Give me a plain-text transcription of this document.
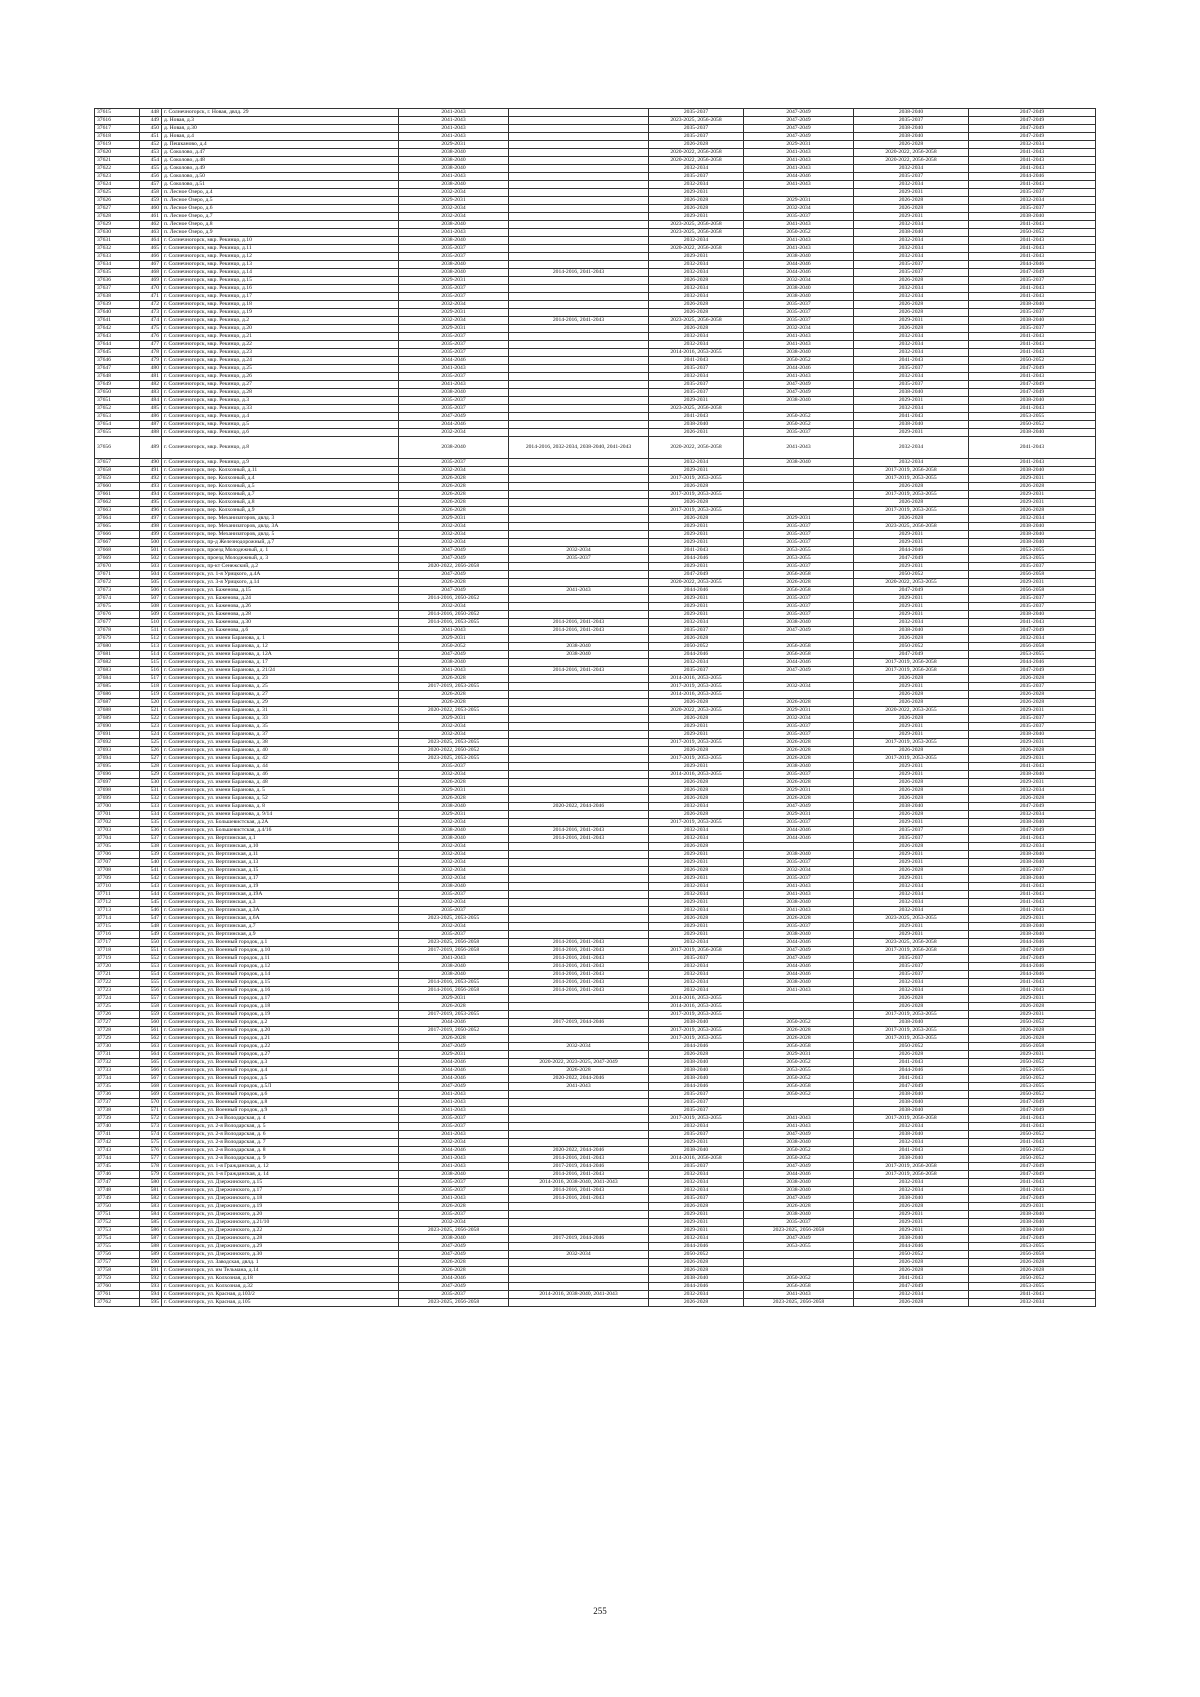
37615	448	г. Солнечногорск, г. Новая, двлд. 29	2041-2043		2035-2037	2047-2049	2038-2040	2047-2049
37616	449	д. Новая, д.3	2041-2043		2023-2025, 2056-2058	2047-2049	2035-2037	2047-2049
37617	450	д. Новая, д.30	2041-2043		2035-2037	2047-2049	2038-2040	2047-2049
37618	451	д. Новая, д.4	2041-2043		2035-2037	2047-2049	2038-2040	2047-2049
37619	452	д. Пешканово, д.4	2029-2031		2026-2028	2029-2031	2026-2028	2032-2034
37620	453	д. Соколово, д.47	2038-2040		2020-2022, 2056-2058	2041-2043	2020-2022, 2056-2058	2041-2043
37621	454	д. Соколово, д.48	2038-2040		2020-2022, 2056-2058	2041-2043	2020-2022, 2056-2058	2041-2043
37622	455	д. Соколово, д.49	2038-2040		2032-2034	2041-2043	2032-2034	2041-2043
37623	456	д. Соколово, д.50	2041-2043		2035-2037	2044-2046	2035-2037	2044-2046
37624	457	д. Соколово, д.51	2038-2040		2032-2034	2041-2043	2032-2034	2041-2043
37625	458	п. Лесное Озеро, д.4	2032-2034		2029-2031		2029-2031	2035-2037
37626	459	п. Лесное Озеро, д.5	2029-2031		2026-2028	2029-2031	2026-2028	2032-2034
37627	460	п. Лесное Озеро, д.6	2032-2034		2026-2028	2032-2034	2026-2028	2035-2037
37628	461	п. Лесное Озеро, д.7	2032-2034		2029-2031	2035-2037	2029-2031	2038-2040
37629	462	п. Лесное Озеро, д.8	2038-2040		2023-2025, 2056-2058	2041-2043	2032-2034	2041-2043
37630	463	п. Лесное Озеро, д.9	2041-2043		2023-2025, 2056-2058	2050-2052	2038-2040	2050-2052
37631	464	г. Солнечногорск, мкр. Рекинцо, д.10	2038-2040		2032-2034	2041-2043	2032-2034	2041-2043
37632	465	г. Солнечногорск, мкр. Рекинцо, д.11	2035-2037		2020-2022, 2056-2058	2041-2043	2032-2034	2041-2043
37633	466	г. Солнечногорск, мкр. Рекинцо, д.12	2035-2037		2029-2031	2038-2040	2032-2034	2041-2043
37634	467	г. Солнечногорск, мкр. Рекинцо, д.13	2038-2040		2032-2034	2044-2046	2035-2037	2044-2046
37635	468	г. Солнечногорск, мкр. Рекинцо, д.14	2038-2040	2014-2016, 2041-2043	2032-2034	2044-2046	2035-2037	2047-2049
37636	469	г. Солнечногорск, мкр. Рекинцо, д.15	2029-2031		2026-2028	2032-2034	2026-2028	2035-2037
37637	470	г. Солнечногорск, мкр. Рекинцо, д.16	2035-2037		2032-2034	2038-2040	2032-2034	2041-2043
37638	471	г. Солнечногорск, мкр. Рекинцо, д.17	2035-2037		2032-2034	2038-2040	2032-2034	2041-2043
37639	472	г. Солнечногорск, мкр. Рекинцо, д.18	2032-2034		2026-2028	2035-2037	2026-2028	2038-2040
37640	473	г. Солнечногорск, мкр. Рекинцо, д.19	2029-2031		2026-2028	2035-2037	2026-2028	2035-2037
37641	474	г. Солнечногорск, мкр. Рекинцо, д.2	2032-2034	2014-2016, 2041-2043	2023-2025, 2056-2058	2035-2037	2029-2031	2038-2040
37642	475	г. Солнечногорск, мкр. Рекинцо, д.20	2029-2031		2026-2028	2032-2034	2026-2028	2035-2037
37643	476	г. Солнечногорск, мкр. Рекинцо, д.21	2035-2037		2032-2034	2041-2043	2032-2034	2041-2043
37644	477	г. Солнечногорск, мкр. Рекинцо, д.22	2035-2037		2032-2034	2041-2043	2032-2034	2041-2043
37645	478	г. Солнечногорск, мкр. Рекинцо, д.23	2035-2037		2014-2016, 2053-2055	2038-2040	2032-2034	2041-2043
37646	479	г. Солнечногорск, мкр. Рекинцо, д.24	2044-2046		2041-2043	2050-2052	2041-2043	2050-2052
37647	480	г. Солнечногорск, мкр. Рекинцо, д.25	2041-2043		2035-2037	2044-2046	2035-2037	2047-2049
37648	481	г. Солнечногорск, мкр. Рекинцо, д.26	2035-2037		2032-2034	2041-2043	2032-2034	2041-2043
37649	482	г. Солнечногорск, мкр. Рекинцо, д.27	2041-2043		2035-2037	2047-2049	2035-2037	2047-2049
37650	483	г. Солнечногорск, мкр. Рекинцо, д.28	2038-2040		2035-2037	2047-2049	2038-2040	2047-2049
37651	484	г. Солнечногорск, мкр. Рекинцо, д.3	2035-2037		2029-2031	2038-2040	2029-2031	2038-2040
37652	485	г. Солнечногорск, мкр. Рекинцо, д.33	2035-2037		2023-2025, 2056-2058		2032-2034	2041-2043
37653	486	г. Солнечногорск, мкр. Рекинцо, д.4	2047-2049		2041-2043	2050-2052	2041-2043	2053-2055
37654	487	г. Солнечногорск, мкр. Рекинцо, д.5	2044-2046		2038-2040	2050-2052	2038-2040	2050-2052
37655	488	г. Солнечногорск, мкр. Рекинцо, д.6	2032-2034		2026-2031	2035-2037	2029-2031	2038-2040
37656	489	г. Солнечногорск, мкр. Рекинцо, д.8	2038-2040	2014-2016, 2032-2034, 2038-2040, 2041-2043	2020-2022, 2056-2058	2041-2043	2032-2034	2041-2043
37657	490	г. Солнечногорск, мкр. Рекинцо, д.9	2035-2037		2032-2034	2038-2040	2032-2034	2041-2043
37658	491	г. Солнечногорск, пер. Колхозный, д.11	2032-2034		2029-2031		2017-2019, 2056-2058	2038-2040
37659	492	г. Солнечногорск, пер. Колхозный, д.4	2026-2028		2017-2019, 2053-2055		2017-2019, 2053-2055	2029-2031
37660	493	г. Солнечногорск, пер. Колхозный, д.5	2026-2028		2026-2028		2026-2028	2026-2028
37661	494	г. Солнечногорск, пер. Колхозный, д.7	2026-2028		2017-2019, 2053-2055		2017-2019, 2053-2055	2029-2031
37662	495	г. Солнечногорск, пер. Колхозный, д.8	2026-2028		2026-2028		2026-2028	2029-2031
37663	496	г. Солнечногорск, пер. Колхозный, д.9	2026-2028		2017-2019, 2053-2055		2017-2019, 2053-2055	2026-2028
37664	497	г. Солнечногорск, пер. Механизаторов, двлд. 3	2029-2031		2026-2028	2029-2031	2026-2028	2032-2034
37665	498	г. Солнечногорск, пер. Механизаторов, двлд. 3А	2032-2034		2029-2031	2035-2037	2023-2025, 2056-2058	2038-2040
37666	499	г. Солнечногорск, пер. Механизаторов, двлд. 5	2032-2034		2029-2031	2035-2037	2029-2031	2038-2040
37667	500	г. Солнечногорск, пр-д Железнодорожный, д.7	2032-2034		2029-2031	2035-2037	2029-2031	2038-2040
37668	501	г. Солнечногорск, проезд Молодежный, д. 1	2047-2049	2032-2034	2041-2043	2053-2055	2044-2046	2053-2055
37669	502	г. Солнечногорск, проезд Молодежный, д. 3	2047-2049	2035-2037	2044-2046	2053-2055	2047-2049	2053-2055
37670	503	г. Солнечногорск, пр-кт Сенежский, д.2	2020-2022, 2056-2058		2029-2031	2035-2037	2029-2031	2035-2037
37671	504	г. Солнечногорск, ул. 1-я Урицкого, д.4А	2047-2049		2047-2049	2056-2058	2050-2052	2056-2058
37672	505	г. Солнечногорск, ул. 3-я Урицкого, д.14	2026-2028		2020-2022, 2053-2055	2026-2028	2020-2022, 2053-2055	2029-2031
37673	506	г. Солнечногорск, ул. Баженова, д.15	2047-2049	2041-2043	2044-2046	2056-2058	2047-2049	2056-2058
37674	507	г. Солнечногорск, ул. Баженова, д.24	2014-2016, 2050-2052		2029-2031	2035-2037	2029-2031	2035-2037
37675	508	г. Солнечногорск, ул. Баженова, д.26	2032-2034		2029-2031	2035-2037	2029-2031	2035-2037
37676	509	г. Солнечногорск, ул. Баженова, д.28	2014-2016, 2050-2052		2029-2031	2035-2037	2029-2031	2038-2040
37677	510	г. Солнечногорск, ул. Баженова, д.30	2014-2016, 2053-2055	2014-2016, 2041-2043	2032-2034	2038-2040	2032-2034	2041-2043
37678	511	г. Солнечногорск, ул. Баженова, д.6	2041-2043	2014-2016, 2041-2043	2035-2037	2047-2049	2038-2040	2047-2049
37679	512	г. Солнечногорск, ул. имени Баранова, д. 1	2029-2031		2026-2028		2026-2028	2032-2034
37680	513	г. Солнечногорск, ул. имени Баранова, д. 12	2050-2052	2038-2040	2050-2052	2056-2058	2050-2052	2056-2058
37681	514	г. Солнечногорск, ул. имени Баранова, д. 12А	2047-2049	2038-2040	2044-2046	2056-2058	2047-2049	2053-2055
37682	515	г. Солнечногорск, ул. имени Баранова, д. 17	2038-2040		2032-2034	2044-2046	2017-2019, 2056-2058	2044-2046
37683	516	г. Солнечногорск, ул. имени Баранова, д. 21/24	2041-2043	2014-2016, 2041-2043	2035-2037	2047-2049	2017-2019, 2056-2058	2047-2049
37684	517	г. Солнечногорск, ул. имени Баранова, д. 23	2026-2028		2014-2016, 2053-2055		2026-2028	2026-2028
37685	518	г. Солнечногорск, ул. имени Баранова, д. 25	2017-2019, 2053-2055		2017-2019, 2053-2055	2032-2034	2029-2031	2035-2037
37686	519	г. Солнечногорск, ул. имени Баранова, д. 27	2026-2028		2014-2016, 2053-2055		2026-2028	2026-2028
37687	520	г. Солнечногорск, ул. имени Баранова, д. 29	2026-2028		2026-2028	2026-2028	2026-2028	2026-2028
37688	521	г. Солнечногорск, ул. имени Баранова, д. 31	2020-2022, 2053-2055		2020-2022, 2053-2055	2029-2031	2020-2022, 2053-2055	2029-2031
37689	522	г. Солнечногорск, ул. имени Баранова, д. 33	2029-2031		2026-2028	2032-2034	2026-2028	2035-2037
37690	523	г. Солнечногорск, ул. имени Баранова, д. 35	2032-2034		2029-2031	2035-2037	2029-2031	2035-2037
37691	524	г. Солнечногорск, ул. имени Баранова, д. 37	2032-2034		2029-2031	2035-2037	2029-2031	2038-2040
37692	525	г. Солнечногорск, ул. имени Баранова, д. 38	2023-2025, 2053-2055		2017-2019, 2053-2055	2026-2028	2017-2019, 2053-2055	2029-2031
37693	526	г. Солнечногорск, ул. имени Баранова, д. 40	2020-2022, 2050-2052		2026-2028	2026-2028	2026-2028	2026-2028
37694	527	г. Солнечногорск, ул. имени Баранова, д. 42	2023-2025, 2053-2055		2017-2019, 2053-2055	2026-2028	2017-2019, 2053-2055	2029-2031
37695	528	г. Солнечногорск, ул. имени Баранова, д. 44	2035-2037		2029-2031	2038-2040	2029-2031	2041-2043
37696	529	г. Солнечногорск, ул. имени Баранова, д. 46	2032-2034		2014-2016, 2053-2055	2035-2037	2029-2031	2038-2040
37697	530	г. Солнечногорск, ул. имени Баранова, д. 48	2026-2028		2026-2028	2026-2028	2026-2028	2029-2031
37698	531	г. Солнечногорск, ул. имени Баранова, д. 5	2029-2031		2026-2028	2029-2031	2026-2028	2032-2034
37699	532	г. Солнечногорск, ул. имени Баранова, д. 52	2026-2028		2026-2028	2026-2028	2026-2028	2026-2028
37700	533	г. Солнечногорск, ул. имени Баранова, д. 8	2038-2040	2020-2022, 2044-2046	2032-2034	2047-2049	2038-2040	2047-2049
37701	534	г. Солнечногорск, ул. имени Баранова, д. 9/14	2029-2031		2026-2028	2029-2031	2026-2028	2032-2034
37702	535	г. Солнечногорск, ул. Большевистская, д.2А	2032-2034		2017-2019, 2053-2055	2035-2037	2029-2031	2038-2040
37703	536	г. Солнечногорск, ул. Большевистская, д.4/16	2038-2040	2014-2016, 2041-2043	2032-2034	2044-2046	2035-2037	2047-2049
37704	537	г. Солнечногорск, ул. Вертлинская, д.1	2038-2040	2014-2016, 2041-2043	2032-2034	2044-2046	2035-2037	2041-2043
37705	538	г. Солнечногорск, ул. Вертлинская, д.10	2032-2034		2026-2028		2026-2028	2032-2034
37706	539	г. Солнечногорск, ул. Вертлинская, д.11	2032-2034		2029-2031	2038-2040	2029-2031	2038-2040
37707	540	г. Солнечногорск, ул. Вертлинская, д.13	2032-2034		2029-2031	2035-2037	2029-2031	2038-2040
37708	541	г. Солнечногорск, ул. Вертлинская, д.15	2032-2034		2026-2028	2032-2034	2026-2028	2035-2037
37709	542	г. Солнечногорск, ул. Вертлинская, д.17	2032-2034		2029-2031	2035-2037	2029-2031	2038-2040
37710	543	г. Солнечногорск, ул. Вертлинская, д.19	2038-2040		2032-2034	2041-2043	2032-2034	2041-2043
37711	544	г. Солнечногорск, ул. Вертлинская, д.19А	2035-2037		2032-2034	2041-2043	2032-2034	2041-2043
37712	545	г. Солнечногорск, ул. Вертлинская, д.3	2032-2034		2029-2031	2038-2040	2032-2034	2041-2043
37713	546	г. Солнечногорск, ул. Вертлинская, д.3А	2035-2037		2032-2034	2041-2043	2032-2034	2041-2043
37714	547	г. Солнечногорск, ул. Вертлинская, д.6А	2023-2025, 2053-2055		2026-2028	2026-2028	2023-2025, 2053-2055	2029-2031
37715	548	г. Солнечногорск, ул. Вертлинская, д.7	2032-2034		2029-2031	2035-2037	2029-2031	2038-2040
37716	549	г. Солнечногорск, ул. Вертлинская, д.9	2035-2037		2029-2031	2038-2040	2029-2031	2038-2040
37717	550	г. Солнечногорск, ул. Военный городок, д.1	2023-2025, 2056-2058	2014-2016, 2041-2043	2032-2034	2044-2046	2023-2025, 2056-2058	2044-2046
37718	551	г. Солнечногорск, ул. Военный городок, д.10	2017-2019, 2056-2058	2014-2016, 2041-2043	2017-2019, 2056-2058	2047-2049	2017-2019, 2056-2058	2047-2049
37719	552	г. Солнечногорск, ул. Военный городок, д.11	2041-2043	2014-2016, 2041-2043	2035-2037	2047-2049	2035-2037	2047-2049
37720	553	г. Солнечногорск, ул. Военный городок, д.12	2038-2040	2014-2016, 2041-2043	2032-2034	2044-2046	2035-2037	2044-2046
37721	554	г. Солнечногорск, ул. Военный городок, д.14	2038-2040	2014-2016, 2041-2043	2032-2034	2044-2046	2035-2037	2044-2046
37722	555	г. Солнечногорск, ул. Военный городок, д.15	2014-2016, 2053-2055	2014-2016, 2041-2043	2032-2034	2038-2040	2032-2034	2041-2043
37723	556	г. Солнечногорск, ул. Военный городок, д.16	2014-2016, 2056-2058	2014-2016, 2041-2043	2032-2034	2041-2043	2032-2034	2041-2043
37724	557	г. Солнечногорск, ул. Военный городок, д.17	2029-2031		2014-2016, 2053-2055		2026-2028	2029-2031
37725	558	г. Солнечногорск, ул. Военный городок, д.18	2026-2028		2014-2016, 2053-2055		2026-2028	2026-2028
37726	559	г. Солнечногорск, ул. Военный городок, д.19	2017-2019, 2053-2055		2017-2019, 2053-2055		2017-2019, 2053-2055	2029-2031
37727	560	г. Солнечногорск, ул. Военный городок, д.2	2044-2046	2017-2019, 2044-2046	2038-2040	2050-2052	2038-2040	2050-2052
37728	561	г. Солнечногорск, ул. Военный городок, д.20	2017-2019, 2050-2052		2017-2019, 2053-2055	2026-2028	2017-2019, 2053-2055	2026-2028
37729	562	г. Солнечногорск, ул. Военный городок, д.21	2026-2028		2017-2019, 2053-2055	2026-2028	2017-2019, 2053-2055	2026-2028
37730	563	г. Солнечногорск, ул. Военный городок, д.22	2047-2049	2032-2034	2044-2046	2056-2058	2050-2052	2056-2058
37731	564	г. Солнечногорск, ул. Военный городок, д.27	2029-2031		2026-2028	2029-2031	2026-2028	2029-2031
37732	565	г. Солнечногорск, ул. Военный городок, д.3	2044-2046	2020-2022, 2023-2025, 2047-2049	2038-2040	2050-2052	2041-2043	2050-2052
37733	566	г. Солнечногорск, ул. Военный городок, д.4	2044-2046	2026-2028	2038-2040	2053-2055	2044-2046	2053-2055
37734	567	г. Солнечногорск, ул. Военный городок, д.5	2044-2046	2020-2022, 2044-2046	2038-2040	2050-2052	2041-2043	2050-2052
37735	568	г. Солнечногорск, ул. Военный городок, д.5Л	2047-2049	2041-2043	2044-2046	2056-2058	2047-2049	2053-2055
37736	569	г. Солнечногорск, ул. Военный городок, д.6	2041-2043		2035-2037	2050-2052	2038-2040	2050-2052
37737	570	г. Солнечногорск, ул. Военный городок, д.8	2041-2043		2035-2037		2038-2040	2047-2049
37738	571	г. Солнечногорск, ул. Военный городок, д.9	2041-2043		2035-2037		2038-2040	2047-2049
37739	572	г. Солнечногорск, ул. 2-я Володарская, д. 4	2035-2037		2017-2019, 2053-2055	2041-2043	2017-2019, 2056-2058	2041-2043
37740	573	г. Солнечногорск, ул. 2-я Володарская, д. 5	2035-2037		2032-2034	2041-2043	2032-2034	2041-2043
37741	574	г. Солнечногорск, ул. 2-я Володарская, д. 6	2041-2043		2035-2037	2047-2049	2038-2040	2050-2052
37742	575	г. Солнечногорск, ул. 2-я Володарская, д. 7	2032-2034		2029-2031	2038-2040	2032-2034	2041-2043
37743	576	г. Солнечногорск, ул. 2-я Володарская, д. 8	2044-2046	2020-2022, 2044-2046	2038-2040	2050-2052	2041-2043	2050-2052
37744	577	г. Солнечногорск, ул. 2-я Володарская, д. 9	2041-2043	2014-2016, 2041-2043	2014-2016, 2056-2058	2050-2052	2038-2040	2050-2052
37745	578	г. Солнечногорск, ул. 1-я Гражданская, д. 12	2041-2043	2017-2019, 2044-2046	2035-2037	2047-2049	2017-2019, 2056-2058	2047-2049
37746	579	г. Солнечногорск, ул. 1-я Гражданская, д. 14	2038-2040	2014-2016, 2041-2043	2032-2034	2044-2046	2017-2019, 2056-2058	2047-2049
37747	580	г. Солнечногорск, ул. Дзержинского, д.15	2035-2037	2014-2016, 2038-2040, 2041-2043	2032-2034	2038-2040	2032-2034	2041-2043
37748	581	г. Солнечногорск, ул. Дзержинского, д.17	2035-2037	2014-2016, 2041-2043	2032-2034	2038-2040	2032-2034	2041-2043
37749	582	г. Солнечногорск, ул. Дзержинского, д.18	2041-2043	2014-2016, 2041-2043	2035-2037	2047-2049	2038-2040	2047-2049
37750	583	г. Солнечногорск, ул. Дзержинского, д.19	2026-2028		2026-2028	2026-2028	2026-2028	2029-2031
37751	584	г. Солнечногорск, ул. Дзержинского, д.20	2035-2037		2029-2031	2038-2040	2029-2031	2038-2040
37752	585	г. Солнечногорск, ул. Дзержинского, д.21/10	2032-2034		2029-2031	2035-2037	2029-2031	2038-2040
37753	586	г. Солнечногорск, ул. Дзержинского, д.22	2023-2025, 2056-2058		2029-2031	2023-2025, 2056-2058	2029-2031	2038-2040
37754	587	г. Солнечногорск, ул. Дзержинского, д.28	2038-2040	2017-2019, 2044-2046	2032-2034	2047-2049	2038-2040	2047-2049
37755	588	г. Солнечногорск, ул. Дзержинского, д.29	2047-2049		2044-2046	2053-2055	2044-2046	2053-2055
37756	589	г. Солнечногорск, ул. Дзержинского, д.30	2047-2049	2032-2034	2050-2052		2050-2052	2056-2058
37757	590	г. Солнечногорск, ул. Заводская, двлд. 1	2026-2028		2026-2028		2026-2028	2026-2028
37758	591	г. Солнечногорск, ул. им Тельмана, д.14	2026-2028		2026-2028		2026-2028	2026-2028
37759	592	г. Солнечногорск, ул. Колхозная, д.18	2044-2046		2038-2040	2050-2052	2041-2043	2050-2052
37760	593	г. Солнечногорск, ул. Колхозная, д.32	2047-2049		2044-2046	2056-2058	2047-2049	2053-2055
37761	594	г. Солнечногорск, ул. Красная, д.103/2	2035-2037	2014-2016, 2038-2040, 2041-2043	2032-2034	2041-2043	2032-2034	2041-2043
37762	595	г. Солнечногорск, ул. Красная, д.105	2023-2025, 2056-2058		2026-2028	2023-2025, 2056-2058	2026-2028	2032-2034
255
